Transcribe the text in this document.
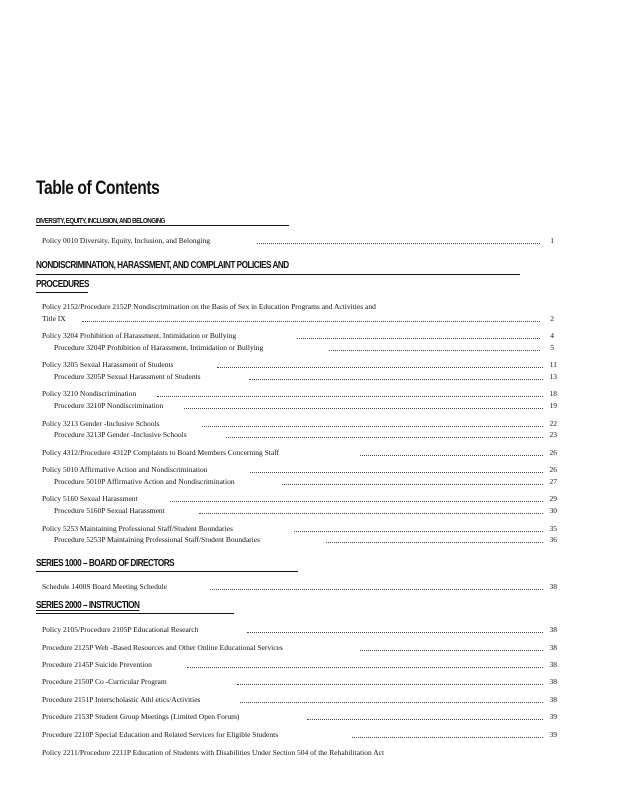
Table of Contents
DIVERSITY, EQUITY, INCLUSION, AND BELONGING
Policy 0010 Diversity, Equity, Inclusion, and Belonging	1
NONDISCRIMINATION, HARASSMENT, AND COMPLAINT POLICIES AND
PROCEDURES
Policy 2152/Procedure 2152P Nondiscrimination on the Basis of Sex in Education Programs and Activities and
Title IX	2
Policy 3204 Prohibition of Harassment, Intimidation or Bullying	4
Procedure 3204P Prohibition of Harassment, Intimidation or Bullying	5
Policy 3205 Sexual Harassment of Students	11
Procedure 3205P Sexual Harassment of Students	13
Policy 3210 Nondiscrimination	18
Procedure 3210P Nondiscrimination	19
Policy 3213 Gender -Inclusive Schools	22
Procedure 3213P Gender -Inclusive Schools	23
Policy 4312/Procedure 4312P Complaints to Board Members Concerning Staff	26
Policy 5010 Affirmative Action and Nondiscrimination	26
Procedure 5010P Affirmative Action and Nondiscrimination	27
Policy 5160 Sexual Harassment	29
Procedure 5160P Sexual Harassment	30
Policy 5253 Maintaining Professional Staff/Student Boundaries	35
Procedure 5253P Maintaining Professional Staff/Student Boundaries	36
SERIES 1000 – BOARD OF DIRECTORS
Schedule 1400S Board Meeting Schedule	38
SERIES 2000 – INSTRUCTION
Policy 2105/Procedure 2105P Educational Research	38
Procedure 2125P Web -Based Resources and Other Online Educational Services	38
Procedure 2145P Suicide Prevention	38
Procedure 2150P Co -Curricular Program	38
Procedure 2151P Interscholastic Athl etics/Activities	38
Procedure 2153P Student Group Meetings (Limited Open Forum)	39
Procedure 2210P Special Education and Related Services for Eligible Students	39
Policy 2211/Procedure 2211P Education of Students with Disabilities Under Section 504 of the Rehabilitation Act
